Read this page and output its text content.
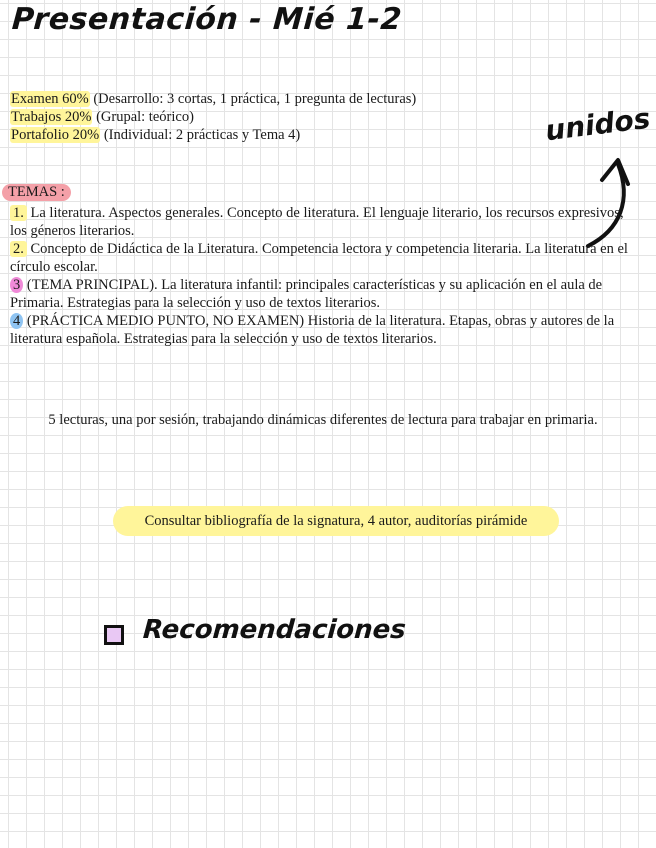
Presentación - Mié 1-2
Examen 60% (Desarrollo: 3 cortas, 1 práctica, 1 pregunta de lecturas)
Trabajos 20% (Grupal: teórico)
Portafolio 20% (Individual: 2 prácticas y Tema 4)	unidos
TEMAS :

1. La literatura. Aspectos generales. Concepto de literatura. El lenguaje literario, los recursos expresivos, los géneros literarios.

2. Concepto de Didáctica de la Literatura. Competencia lectora y competencia literaria. La literatura en el círculo escolar.

3 (TEMA PRINCIPAL). La literatura infantil: principales características y su aplicación en el aula de Primaria. Estrategias para la selección y uso de textos literarios.

4 (PRÁCTICA MEDIO PUNTO, NO EXAMEN) Historia de la literatura. Etapas, obras y autores de la literatura española. Estrategias para la selección y uso de textos literarios.

5 lecturas, una por sesión, trabajando dinámicas diferentes de lectura para trabajar en primaria.
Consultar bibliografía de la signatura, 4 autor, auditorías pirámide
Recomendaciones
